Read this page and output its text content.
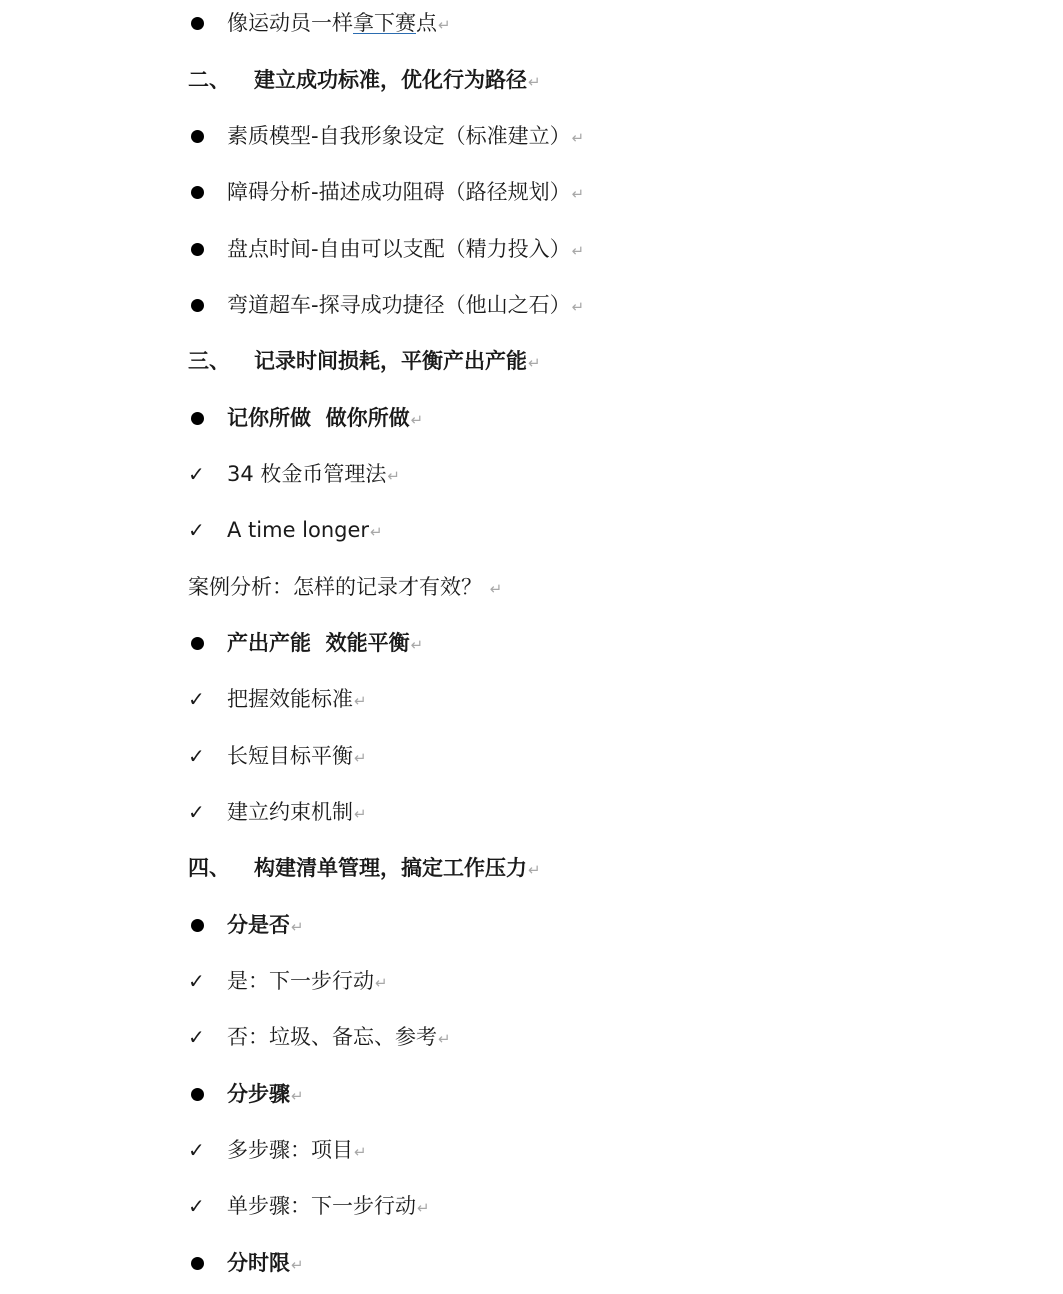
像运动员一样拿下赛点↵
二、 建立成功标准，优化行为路径↵
素质模型-自我形象设定（标准建立）↵
障碍分析-描述成功阻碍（路径规划）↵
盘点时间-自由可以支配（精力投入）↵
弯道超车-探寻成功捷径（他山之石）↵
三、 记录时间损耗，平衡产出产能↵
记你所做  做你所做↵
✓	34 枚金币管理法↵
✓	A time longer↵
案例分析：怎样的记录才有效？ ↵
产出产能  效能平衡↵
✓	把握效能标准↵
✓	长短目标平衡↵
✓	建立约束机制↵
四、 构建清单管理，搞定工作压力↵
分是否↵
✓	是：下一步行动↵
✓	否：垃圾、备忘、参考↵
分步骤↵
✓	多步骤：项目↵
✓	单步骤：下一步行动↵
分时限↵
